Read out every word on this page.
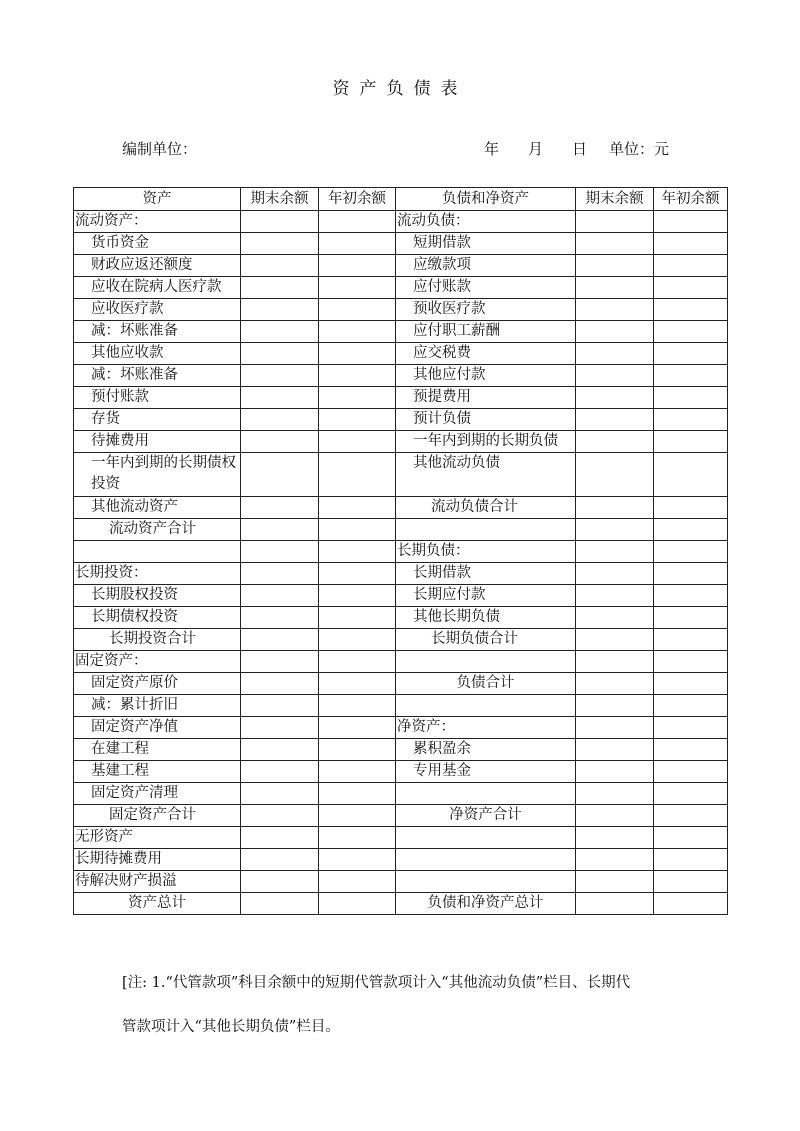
资产负债表
编制单位：	年 月 日 单位：元
资产	期末余额	年初余额	负债和净资产	期末余额	年初余额
流动资产：			流动负债：		
货币资金			短期借款		
财政应返还额度			应缴款项		
应收在院病人医疗款			应付账款		
应收医疗款			预收医疗款		
减：坏账准备			应付职工薪酬		
其他应收款			应交税费		
减：坏账准备			其他应付款		
预付账款			预提费用		
存货			预计负债		
待摊费用			一年内到期的长期负债		
一年内到期的长期债权投资			其他流动负债		
其他流动资产			流动负债合计		
流动资产合计					
			长期负债：		
长期投资：			长期借款		
长期股权投资			长期应付款		
长期债权投资			其他长期负债		
长期投资合计			长期负债合计		
固定资产：					
固定资产原价			负债合计		
减：累计折旧					
固定资产净值			净资产：		
在建工程			累积盈余		
基建工程			专用基金		
固定资产清理					
固定资产合计			净资产合计		
无形资产					
长期待摊费用					
待解决财产损溢					
资产总计			负债和净资产总计		
[注: 1.“代管款项”科目余额中的短期代管款项计入“其他流动负债”栏目、长期代
管款项计入“其他长期负债”栏目。
